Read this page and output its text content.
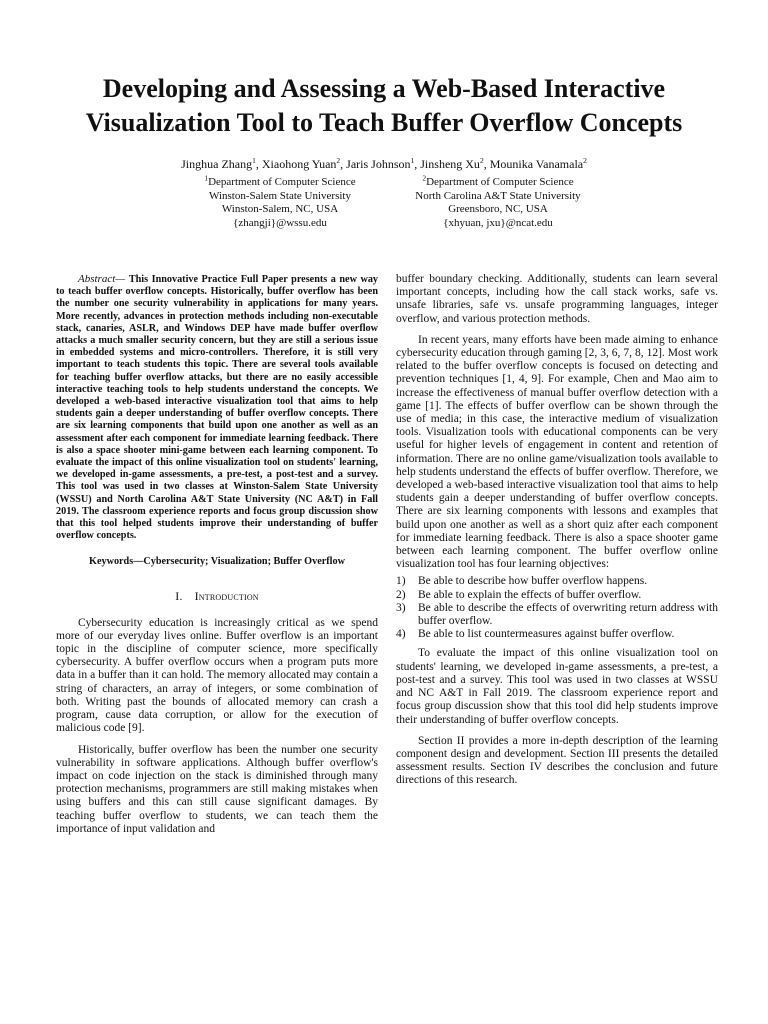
Developing and Assessing a Web-Based Interactive Visualization Tool to Teach Buffer Overflow Concepts
Jinghua Zhang$^1$, Xiaohong Yuan$^2$, Jaris Johnson$^1$, Jinsheng Xu$^2$, Mounika Vanamala$^2$
$^1$Department of Computer Science
Winston-Salem State University
Winston-Salem, NC, USA
{zhangji}@wssu.edu
$^2$Department of Computer Science
North Carolina A&T State University
Greensboro, NC, USA
{xhyuan, jxu}@ncat.edu

Abstract— This Innovative Practice Full Paper presents a new way to teach buffer overflow concepts. Historically, buffer overflow has been the number one security vulnerability in applications for many years. More recently, advances in protection methods including non-executable stack, canaries, ASLR, and Windows DEP have made buffer overflow attacks a much smaller security concern, but they are still a serious issue in embedded systems and micro-controllers. Therefore, it is still very important to teach students this topic. There are several tools available for teaching buffer overflow attacks, but there are no easily accessible interactive teaching tools to help students understand the concepts. We developed a web-based interactive visualization tool that aims to help students gain a deeper understanding of buffer overflow concepts. There are six learning components that build upon one another as well as an assessment after each component for immediate learning feedback. There is also a space shooter mini-game between each learning component. To evaluate the impact of this online visualization tool on students' learning, we developed in-game assessments, a pre-test, a post-test and a survey. This tool was used in two classes at Winston-Salem State University (WSSU) and North Carolina A&T State University (NC A&T) in Fall 2019. The classroom experience reports and focus group discussion show that this tool helped students improve their understanding of buffer overflow concepts.

Keywords—Cybersecurity; Visualization; Buffer Overflow

I. Introduction

Cybersecurity education is increasingly critical as we spend more of our everyday lives online. Buffer overflow is an important topic in the discipline of computer science, more specifically cybersecurity. A buffer overflow occurs when a program puts more data in a buffer than it can hold. The memory allocated may contain a string of characters, an array of integers, or some combination of both. Writing past the bounds of allocated memory can crash a program, cause data corruption, or allow for the execution of malicious code [9].

Historically, buffer overflow has been the number one security vulnerability in software applications. Although buffer overflow's impact on code injection on the stack is diminished through many protection mechanisms, programmers are still making mistakes when using buffers and this can still cause significant damages. By teaching buffer overflow to students, we can teach them the importance of input validation and

buffer boundary checking. Additionally, students can learn several important concepts, including how the call stack works, safe vs. unsafe libraries, safe vs. unsafe programming languages, integer overflow, and various protection methods.

In recent years, many efforts have been made aiming to enhance cybersecurity education through gaming [2, 3, 6, 7, 8, 12]. Most work related to the buffer overflow concepts is focused on detecting and prevention techniques [1, 4, 9]. For example, Chen and Mao aim to increase the effectiveness of manual buffer overflow detection with a game [1]. The effects of buffer overflow can be shown through the use of media; in this case, the interactive medium of visualization tools. Visualization tools with educational components can be very useful for higher levels of engagement in content and retention of information. There are no online game/visualization tools available to help students understand the effects of buffer overflow. Therefore, we developed a web-based interactive visualization tool that aims to help students gain a deeper understanding of buffer overflow concepts. There are six learning components with lessons and examples that build upon one another as well as a short quiz after each component for immediate learning feedback. There is also a space shooter game between each learning component. The buffer overflow online visualization tool has four learning objectives:

1) Be able to describe how buffer overflow happens.
2) Be able to explain the effects of buffer overflow.
3) Be able to describe the effects of overwriting return address with buffer overflow.
4) Be able to list countermeasures against buffer overflow.

To evaluate the impact of this online visualization tool on students' learning, we developed in-game assessments, a pre-test, a post-test and a survey. This tool was used in two classes at WSSU and NC A&T in Fall 2019. The classroom experience report and focus group discussion show that this tool did help students improve their understanding of buffer overflow concepts.

Section II provides a more in-depth description of the learning component design and development. Section III presents the detailed assessment results. Section IV describes the conclusion and future directions of this research.
